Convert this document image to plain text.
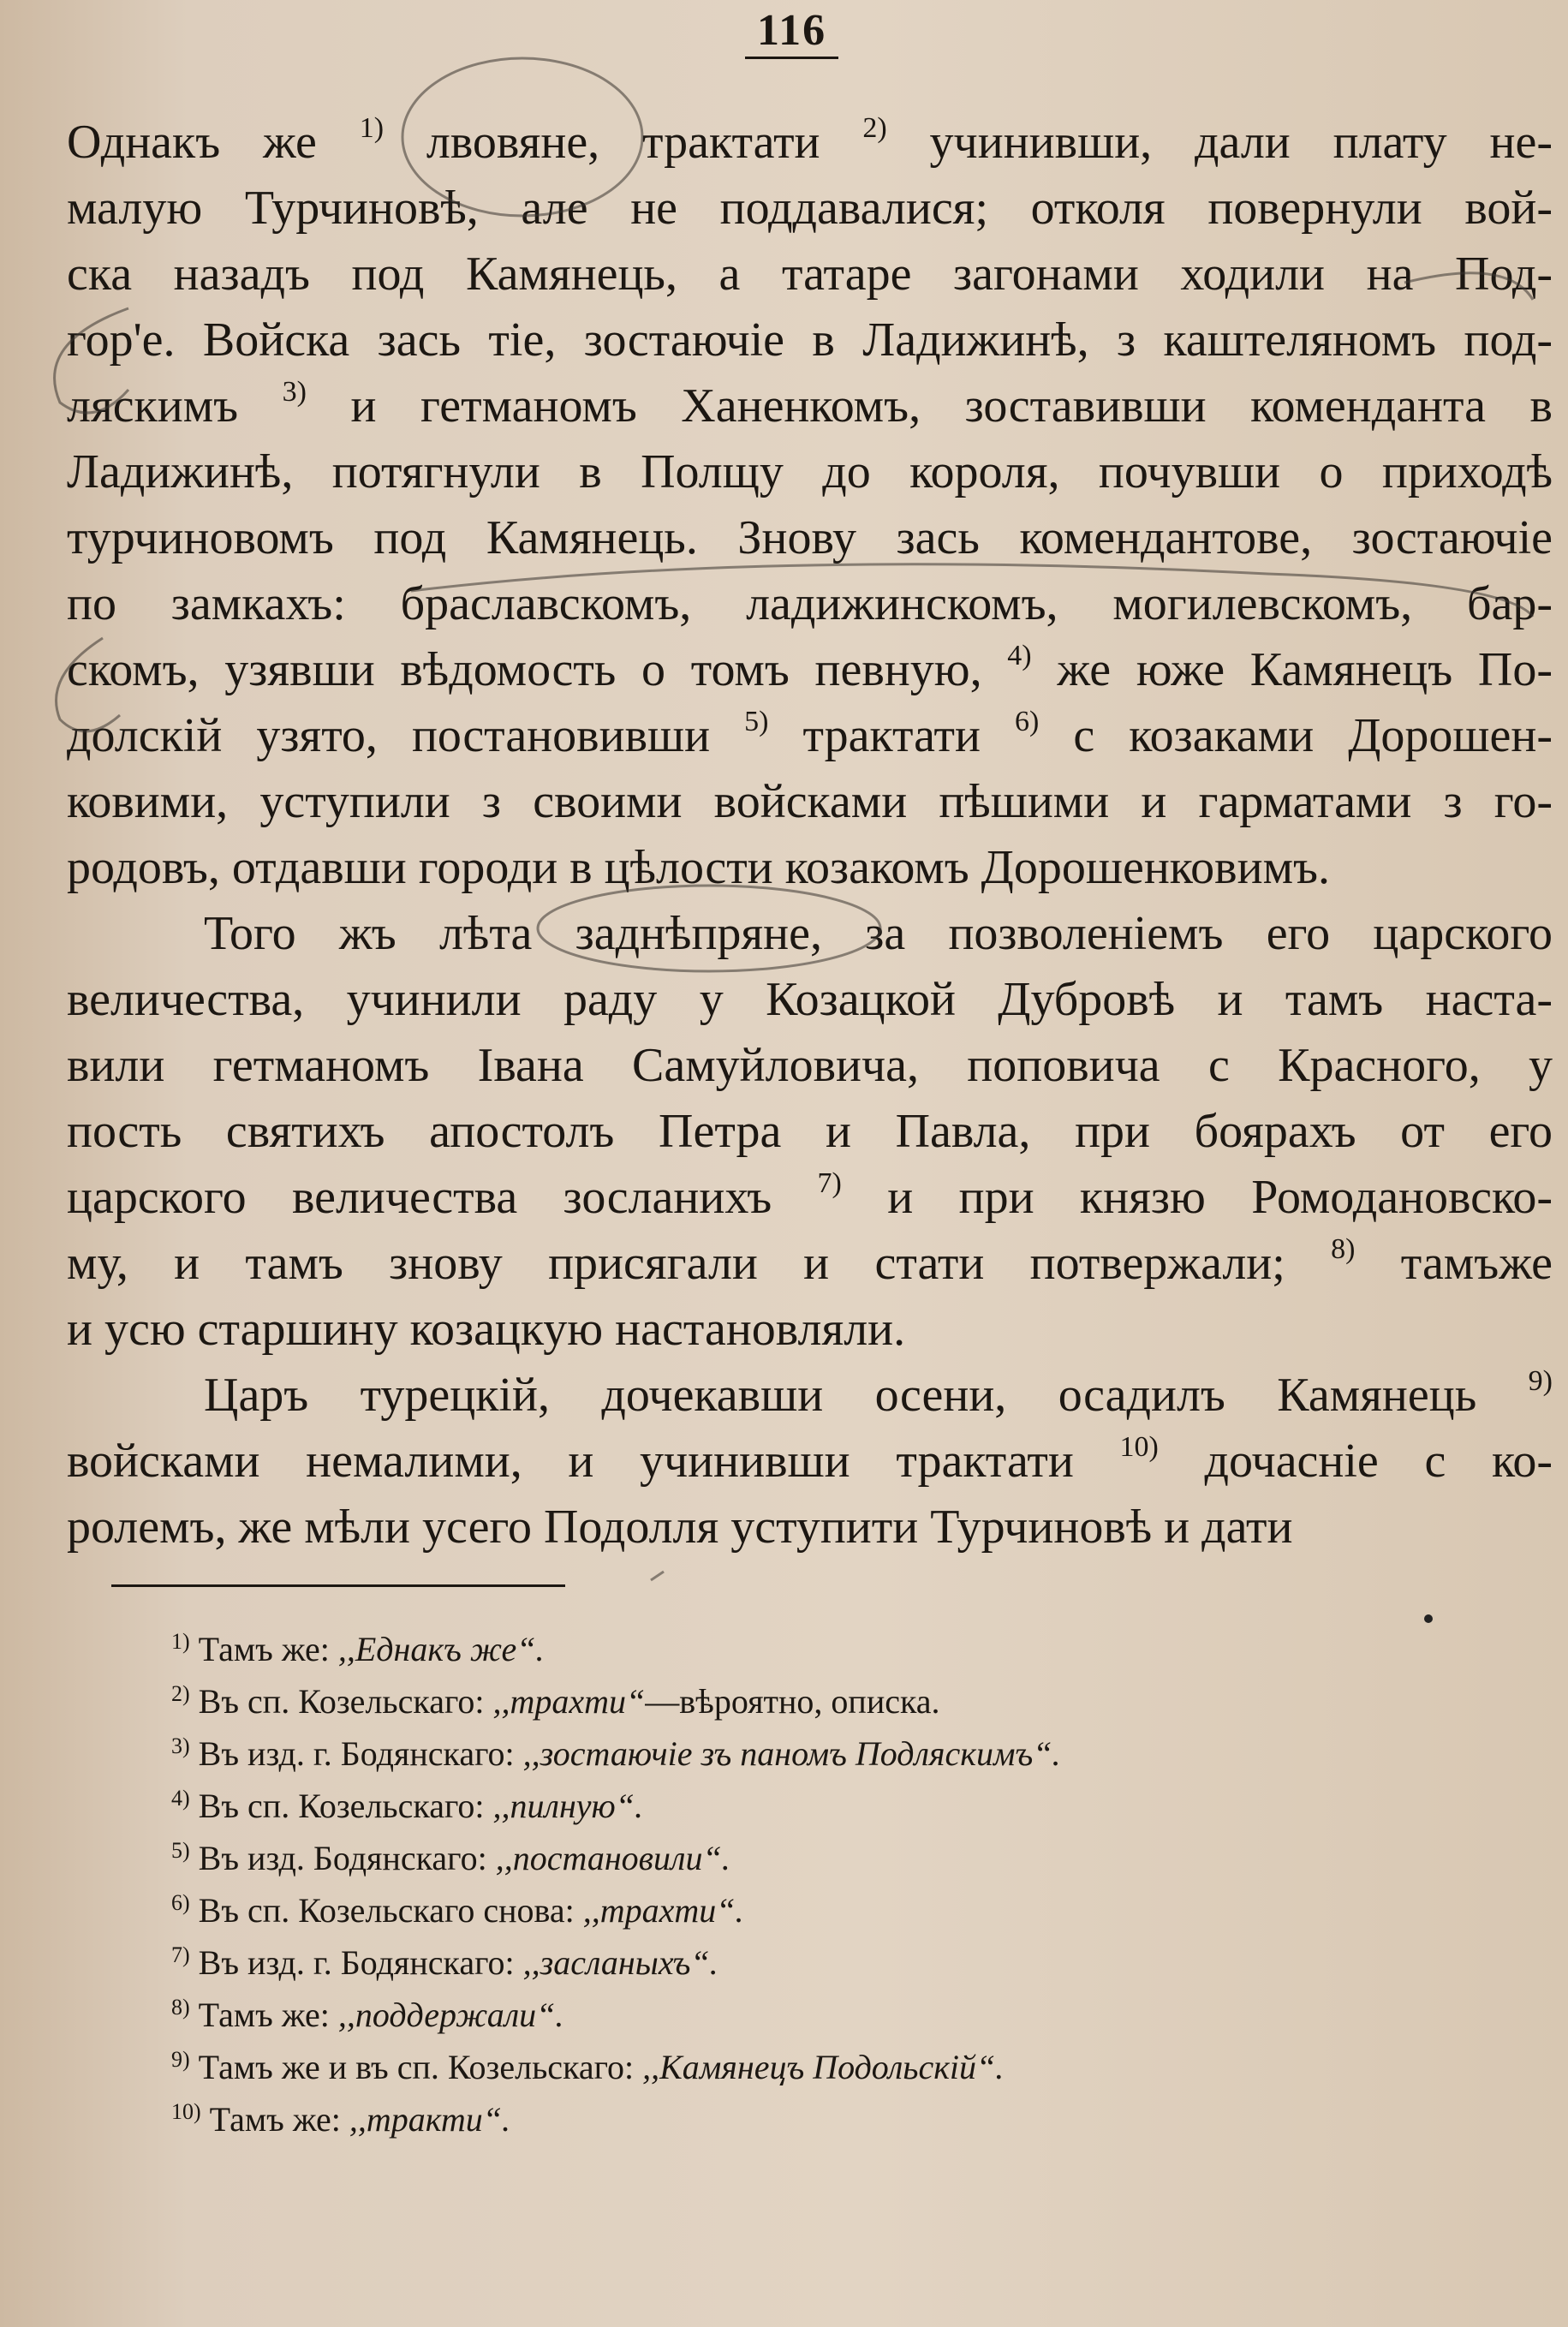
116
Однакъ же $^{1)}$ лвовяне, трактати $^{2)}$ учинивши, дали плату не-
малую Турчиновѣ, але не поддавалися; отколя повернули вой-
ска назадъ под Камянець, а татаре загонами ходили на Под-
гор'е. Войска зась тіе, зостаючіе в Ладижинѣ, з каштеляномъ под-
ляскимъ $^{3)}$ и гетманомъ Ханенкомъ, зоставивши коменданта в
Ладижинѣ, потягнули в Полщу до короля, почувши о приходѣ
турчиновомъ под Камянець. Знову зась комендантове, зостаючіе
по замкахъ: браславскомъ, ладижинскомъ, могилевскомъ, бар-
скомъ, узявши вѣдомость о томъ певную, $^{4)}$ же юже Камянецъ По-
долскій узято, постановивши $^{5)}$ трактати $^{6)}$ с козаками Дорошен-
ковими, уступили з своими войсками пѣшими и гарматами з го-
родовъ, отдавши городи в цѣлости козакомъ Дорошенковимъ.
Того жъ лѣта заднѣпряне, за позволеніемъ его царского
величества, учинили раду у Козацкой Дубровѣ и тамъ наста-
вили гетманомъ Івана Самуйловича, поповича с Красного, у
пость святихъ апостолъ Петра и Павла, при боярахъ от его
царского величества зосланихъ $^{7)}$ и при князю Ромодановско-
му, и тамъ знову присягали и стати потвержали; $^{8)}$ тамъже
и усю старшину козацкую настановляли.
Царъ турецкій, дочекавши осени, осадилъ Камянець $^{9)}$
войсками немалими, и учинивши трактати $^{10)}$ дочасніе с ко-
ролемъ, же мѣли усего Подолля уступити Турчиновѣ и дати
$^{1)}$ Тамъ же: ,,Еднакъ же“.
$^{2)}$ Въ сп. Козельскаго: ,,трахти“—вѣроятно, описка.
$^{3)}$ Въ изд. г. Бодянскаго: ,,зостаючіе зъ паномъ Подляскимъ“.
$^{4)}$ Въ сп. Козельскаго: ,,пилную“.
$^{5)}$ Въ изд. Бодянскаго: ,,постановили“.
$^{6)}$ Въ сп. Козельскаго снова: ,,трахти“.
$^{7)}$ Въ изд. г. Бодянскаго: ,,засланыхъ“.
$^{8)}$ Тамъ же: ,,поддержали“.
$^{9)}$ Тамъ же и въ сп. Козельскаго: ,,Камянецъ Подольскій“.
$^{10)}$ Тамъ же: ,,тракти“.
